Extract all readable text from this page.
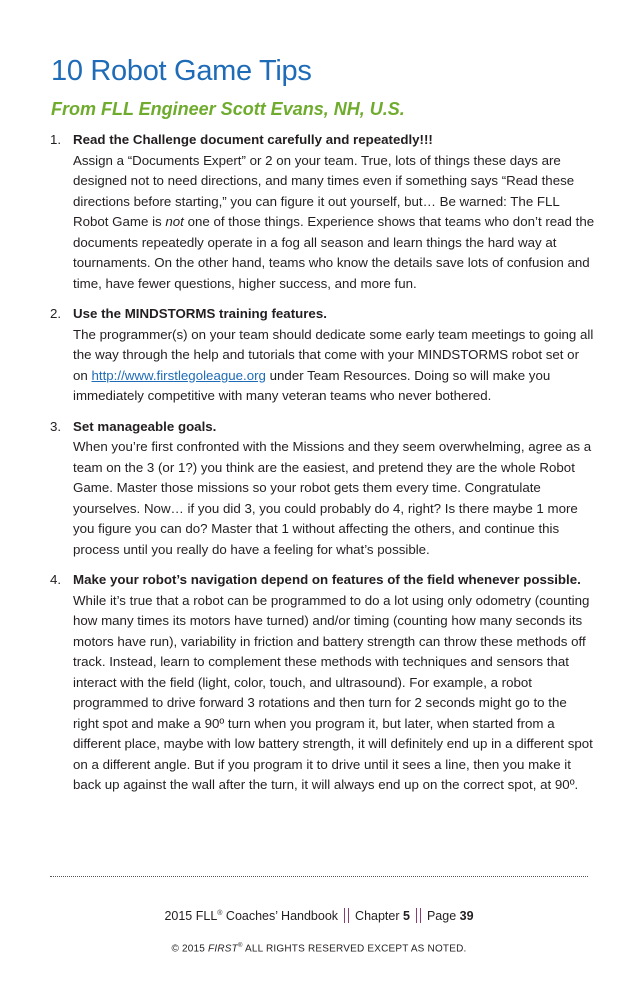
10 Robot Game Tips
From FLL Engineer Scott Evans, NH, U.S.
1. Read the Challenge document carefully and repeatedly!!!
Assign a “Documents Expert” or 2 on your team. True, lots of things these days are designed not to need directions, and many times even if something says “Read these directions before starting,” you can figure it out yourself, but… Be warned: The FLL Robot Game is not one of those things. Experience shows that teams who don’t read the documents repeatedly operate in a fog all season and learn things the hard way at tournaments. On the other hand, teams who know the details save lots of confusion and time, have fewer questions, higher success, and more fun.
2. Use the MINDSTORMS training features.
The programmer(s) on your team should dedicate some early team meetings to going all the way through the help and tutorials that come with your MINDSTORMS robot set or on http://www.firstlegoleague.org under Team Resources. Doing so will make you immediately competitive with many veteran teams who never bothered.
3. Set manageable goals.
When you’re first confronted with the Missions and they seem overwhelming, agree as a team on the 3 (or 1?) you think are the easiest, and pretend they are the whole Robot Game. Master those missions so your robot gets them every time. Congratulate yourselves. Now… if you did 3, you could probably do 4, right? Is there maybe 1 more you figure you can do? Master that 1 without affecting the others, and continue this process until you really do have a feeling for what’s possible.
4. Make your robot’s navigation depend on features of the field whenever possible.
While it’s true that a robot can be programmed to do a lot using only odometry (counting how many times its motors have turned) and/or timing (counting how many seconds its motors have run), variability in friction and battery strength can throw these methods off track. Instead, learn to complement these methods with techniques and sensors that interact with the field (light, color, touch, and ultrasound). For example, a robot programmed to drive forward 3 rotations and then turn for 2 seconds might go to the right spot and make a 90º turn when you program it, but later, when started from a different place, maybe with low battery strength, it will definitely end up in a different spot on a different angle. But if you program it to drive until it sees a line, then you make it back up against the wall after the turn, it will always end up on the correct spot, at 90º.
2015 FLL® Coaches’ Handbook Chapter 5 Page 39
© 2015 FIRST® ALL RIGHTS RESERVED EXCEPT AS NOTED.
